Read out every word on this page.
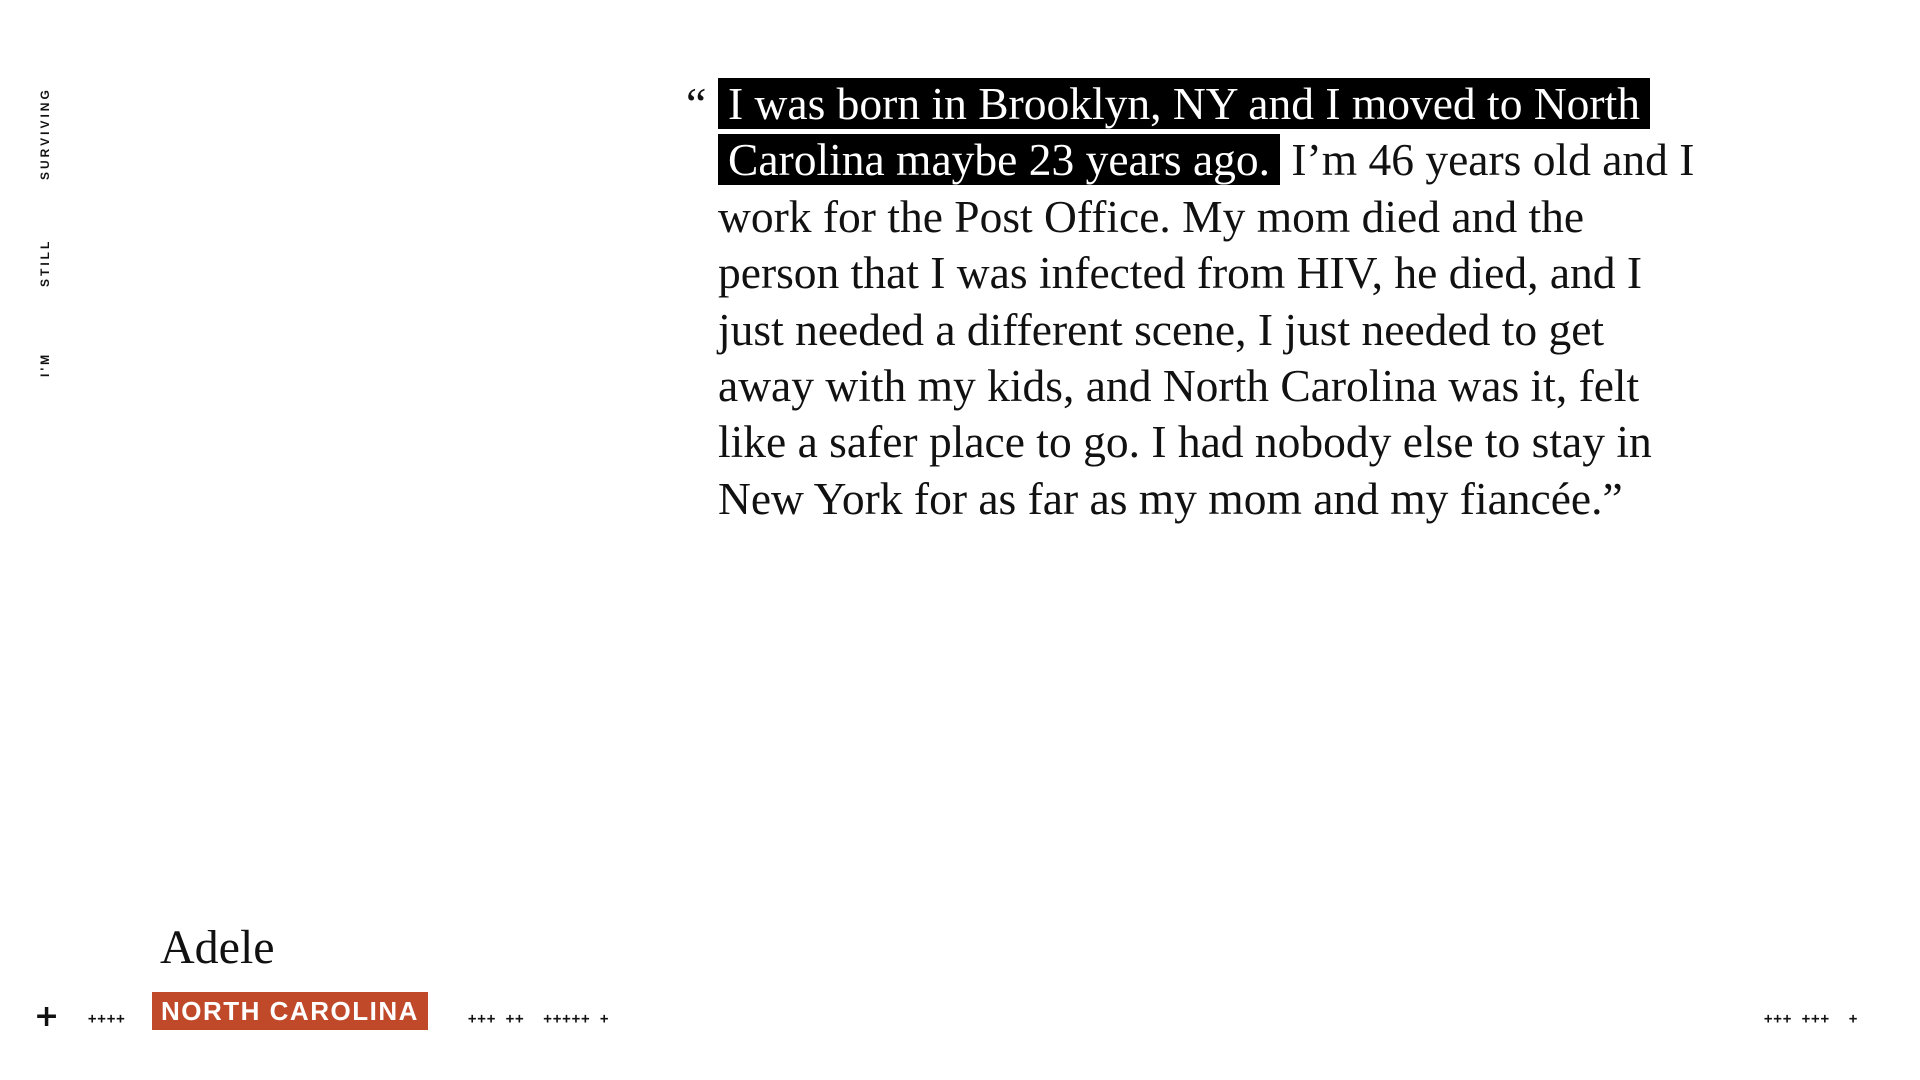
I'M
STILL
SURVIVING	“ I was born in Brooklyn, NY and I moved to North Carolina maybe 23 years ago. I’m 46 years old and I work for the Post Office. My mom died and the person that I was infected from HIV, he died, and I just needed a different scene, I just needed to get away with my kids, and North Carolina was it, felt like a safer place to go. I had nobody else to stay in New York for as far as my mom and my fiancée.”

Adele
NORTH CAROLINA
+ ++++	+++ ++  +++++ +	+++ +++  +
